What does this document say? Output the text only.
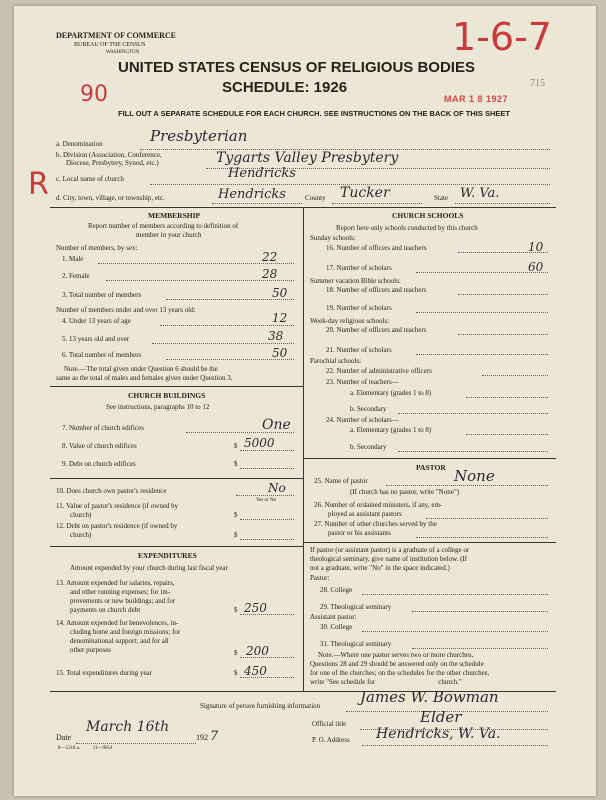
DEPARTMENT OF COMMERCE
BUREAU OF THE CENSUS
WASHINGTON
UNITED STATES CENSUS OF RELIGIOUS BODIES
SCHEDULE: 1926
FILL OUT A SEPARATE SCHEDULE FOR EACH CHURCH. SEE INSTRUCTIONS ON THE BACK OF THIS SHEET
1-6-7
90	MAR 1 8 1927
715
R
a. Denomination	Presbyterian
b. Division (Association, Conference,
Diocese, Presbytery, Synod, etc.)	Tygarts Valley Presbytery
c. Local name of church	Hendricks
d. City, town, village, or township, etc.	Hendricks	County Tucker	State W. Va.
MEMBERSHIP
Report number of members according to definition of
member in your church
Number of members, by sex:
1. Male	22
2. Female	28
3. Total number of members	50
Number of members under and over 13 years old:
4. Under 13 years of age	12
5. 13 years old and over	38
6. Total number of members	50
Note.—The total given under Question 6 should be the
same as the total of males and females given under Question 3.
CHURCH BUILDINGS
See instructions, paragraphs 10 to 12
7. Number of church edifices	One
8. Value of church edifices	$ 5000
9. Debt on church edifices	$
10. Does church own pastor's residence	No
Yes or No
11. Value of pastor's residence (if owned by
church)	$
12. Debt on pastor's residence (if owned by
church)	$
EXPENDITURES
Amount expended by your church during last fiscal year
13. Amount expended for salaries, repairs,
and other running expenses; for im-
provements or new buildings; and for
payments on church debt	$ 250
14. Amount expended for benevolences, in-
cluding home and foreign missions; for
denominational support; and for all
other purposes	$ 200
15. Total expenditures during year	$ 450
CHURCH SCHOOLS
Report here only schools conducted by this church
Sunday schools:
16. Number of officers and teachers	10
17. Number of scholars	60
Summer vacation Bible schools:
18. Number of officers and teachers
19. Number of scholars
Week-day religious schools:
20. Number of officers and teachers
21. Number of scholars
Parochial schools:
22. Number of administrative officers
23. Number of teachers—
a. Elementary (grades 1 to 8)
b. Secondary
24. Number of scholars—
a. Elementary (grades 1 to 8)
b. Secondary
PASTOR
25. Name of pastor	None
(If church has no pastor, write "None")
26. Number of ordained ministers, if any, em-
ployed as assistant pastors
27. Number of other churches served by the
pastor or his assistants
If pastor (or assistant pastor) is a graduate of a college or
theological seminary, give name of institution below. (If
not a graduate, write "No" in the space indicated.)
Pastor:
28. College
29. Theological seminary
Assistant pastor:
30. College
31. Theological seminary
Note.—Where one pastor serves two or more churches,
Questions 28 and 29 should be answered only on the schedule
for one of the churches; on the schedules for the other churches,
write "See schedule for                                    church."
Signature of person furnishing information	James W. Bowman
Official title	Elder
Date
March 16th
192 7	P. O. Address Hendricks, W. Va.
8—5318 a.          11—9054
